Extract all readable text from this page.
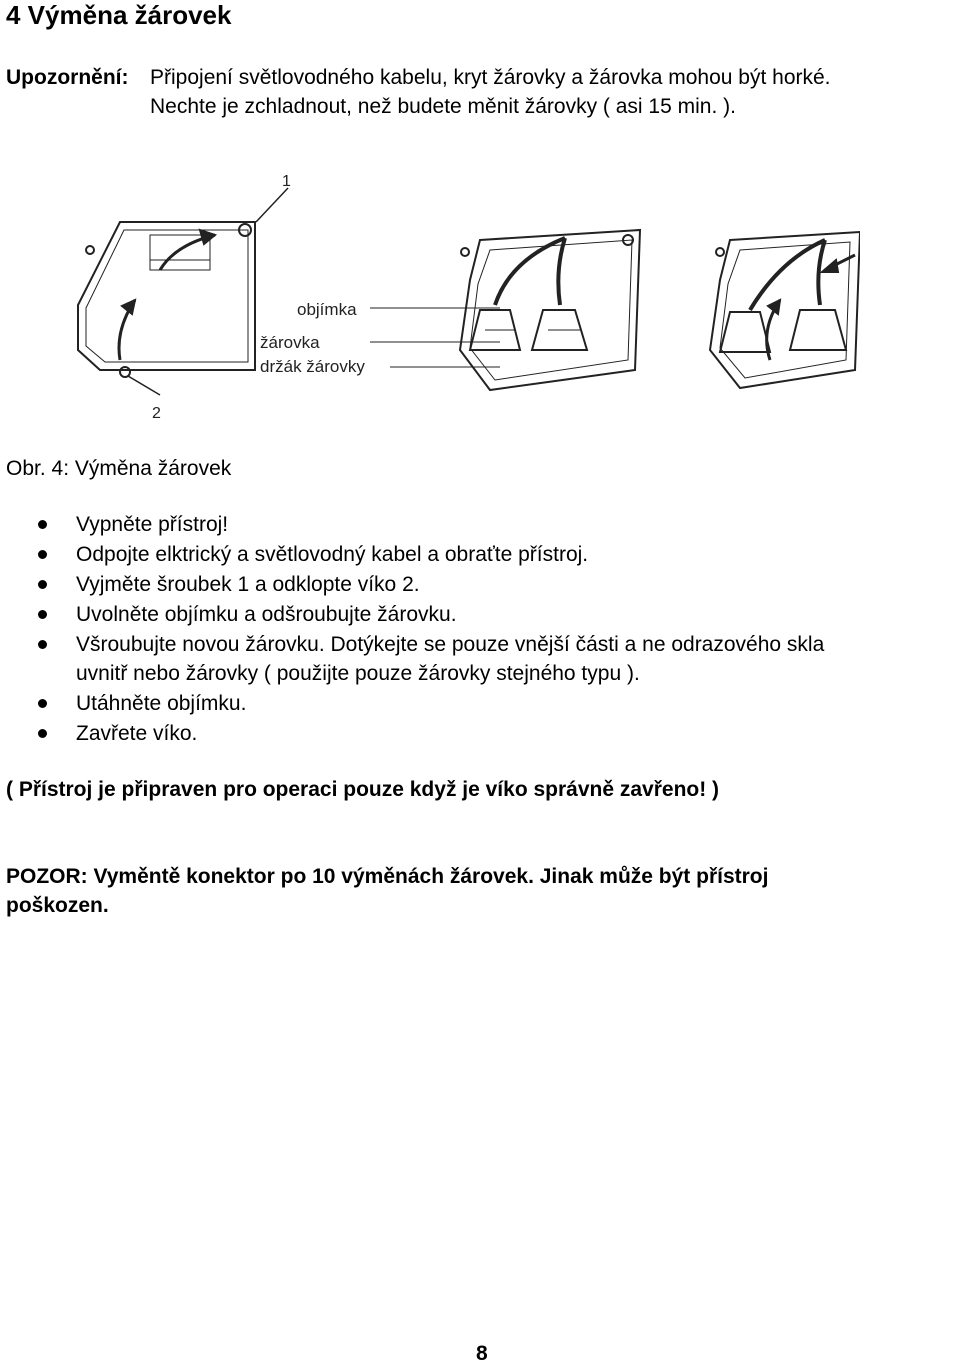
4 Výměna žárovek
Upozornění: Připojení světlovodného kabelu, kryt žárovky a žárovka mohou být horké.
Nechte je zchladnout, než budete měnit žárovky ( asi 15 min. ).
1
2
objímka
žárovka
držák žárovky
Obr. 4: Výměna žárovek
Vypněte přístroj!
Odpojte elktrický a světlovodný kabel a obraťte přístroj.
Vyjměte šroubek 1 a odklopte víko 2.
Uvolněte objímku a odšroubujte žárovku.
Všroubujte novou žárovku. Dotýkejte se pouze vnější části a ne odrazového skla
uvnitř nebo žárovky ( použijte pouze žárovky stejného typu ).
Utáhněte objímku.
Zavřete víko.
( Přístroj je připraven pro operaci pouze když je víko správně zavřeno! )
POZOR: Vyměntě konektor po 10 výměnách žárovek. Jinak může být přístroj
poškozen.
8
